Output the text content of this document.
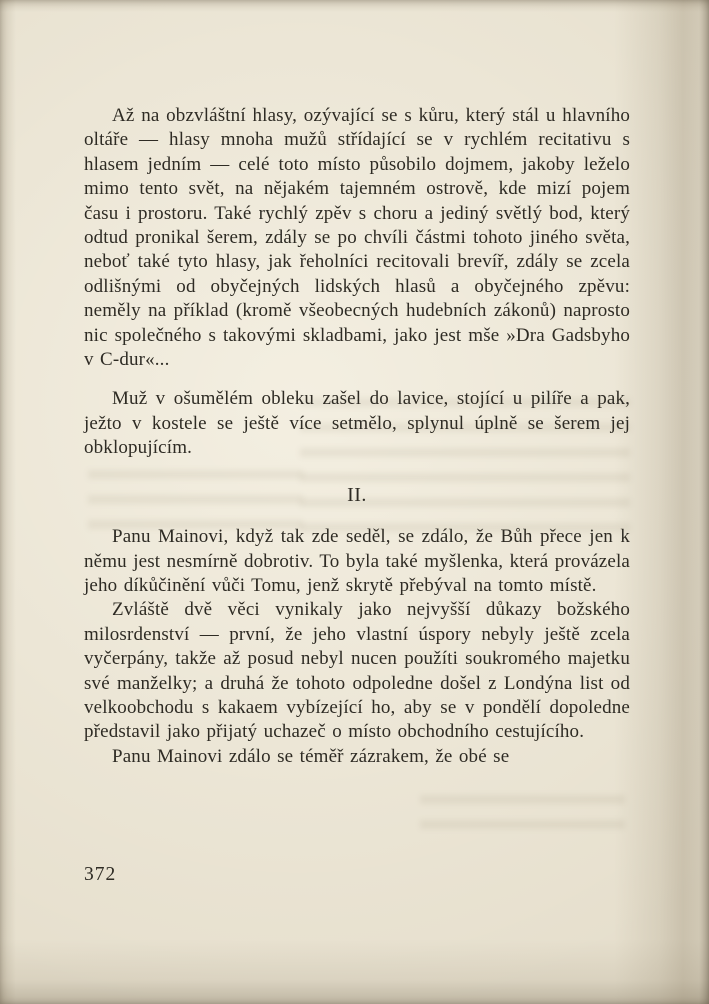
Až na obzvláštní hlasy, ozývající se s kůru, který stál u hlavního oltáře — hlasy mnoha mužů střídající se v rychlém recitativu s hlasem jedním — celé toto místo působilo dojmem, jakoby leželo mimo tento svět, na nějakém tajemném ostrově, kde mizí pojem času i prostoru. Také rychlý zpěv s choru a jediný světlý bod, který odtud pronikal šerem, zdály se po chvíli částmi tohoto jiného světa, neboť také tyto hlasy, jak řeholníci recitovali brevíř, zdály se zcela odlišnými od obyčejných lidských hlasů a obyčejného zpěvu: neměly na příklad (kromě všeobecných hudebních zákonů) naprosto nic společného s takovými skladbami, jako jest mše »Dra Gadsbyho v C-dur«...

Muž v ošumělém obleku zašel do lavice, stojící u pilíře a pak, ježto v kostele se ještě více setmělo, splynul úplně se šerem jej obklopujícím.

II.

Panu Mainovi, když tak zde seděl, se zdálo, že Bůh přece jen k němu jest nesmírně dobrotiv. To byla také myšlenka, která provázela jeho díkůčinění vůči Tomu, jenž skrytě přebýval na tomto místě.

Zvláště dvě věci vynikaly jako nejvyšší důkazy božského milosrdenství — první, že jeho vlastní úspory nebyly ještě zcela vyčerpány, takže až posud nebyl nucen použíti soukromého majetku své manželky; a druhá že tohoto odpoledne došel z Londýna list od velkoobchodu s kakaem vybízející ho, aby se v pondělí dopoledne představil jako přijatý uchazeč o místo obchodního cestujícího.

Panu Mainovi zdálo se téměř zázrakem, že obé se

372
